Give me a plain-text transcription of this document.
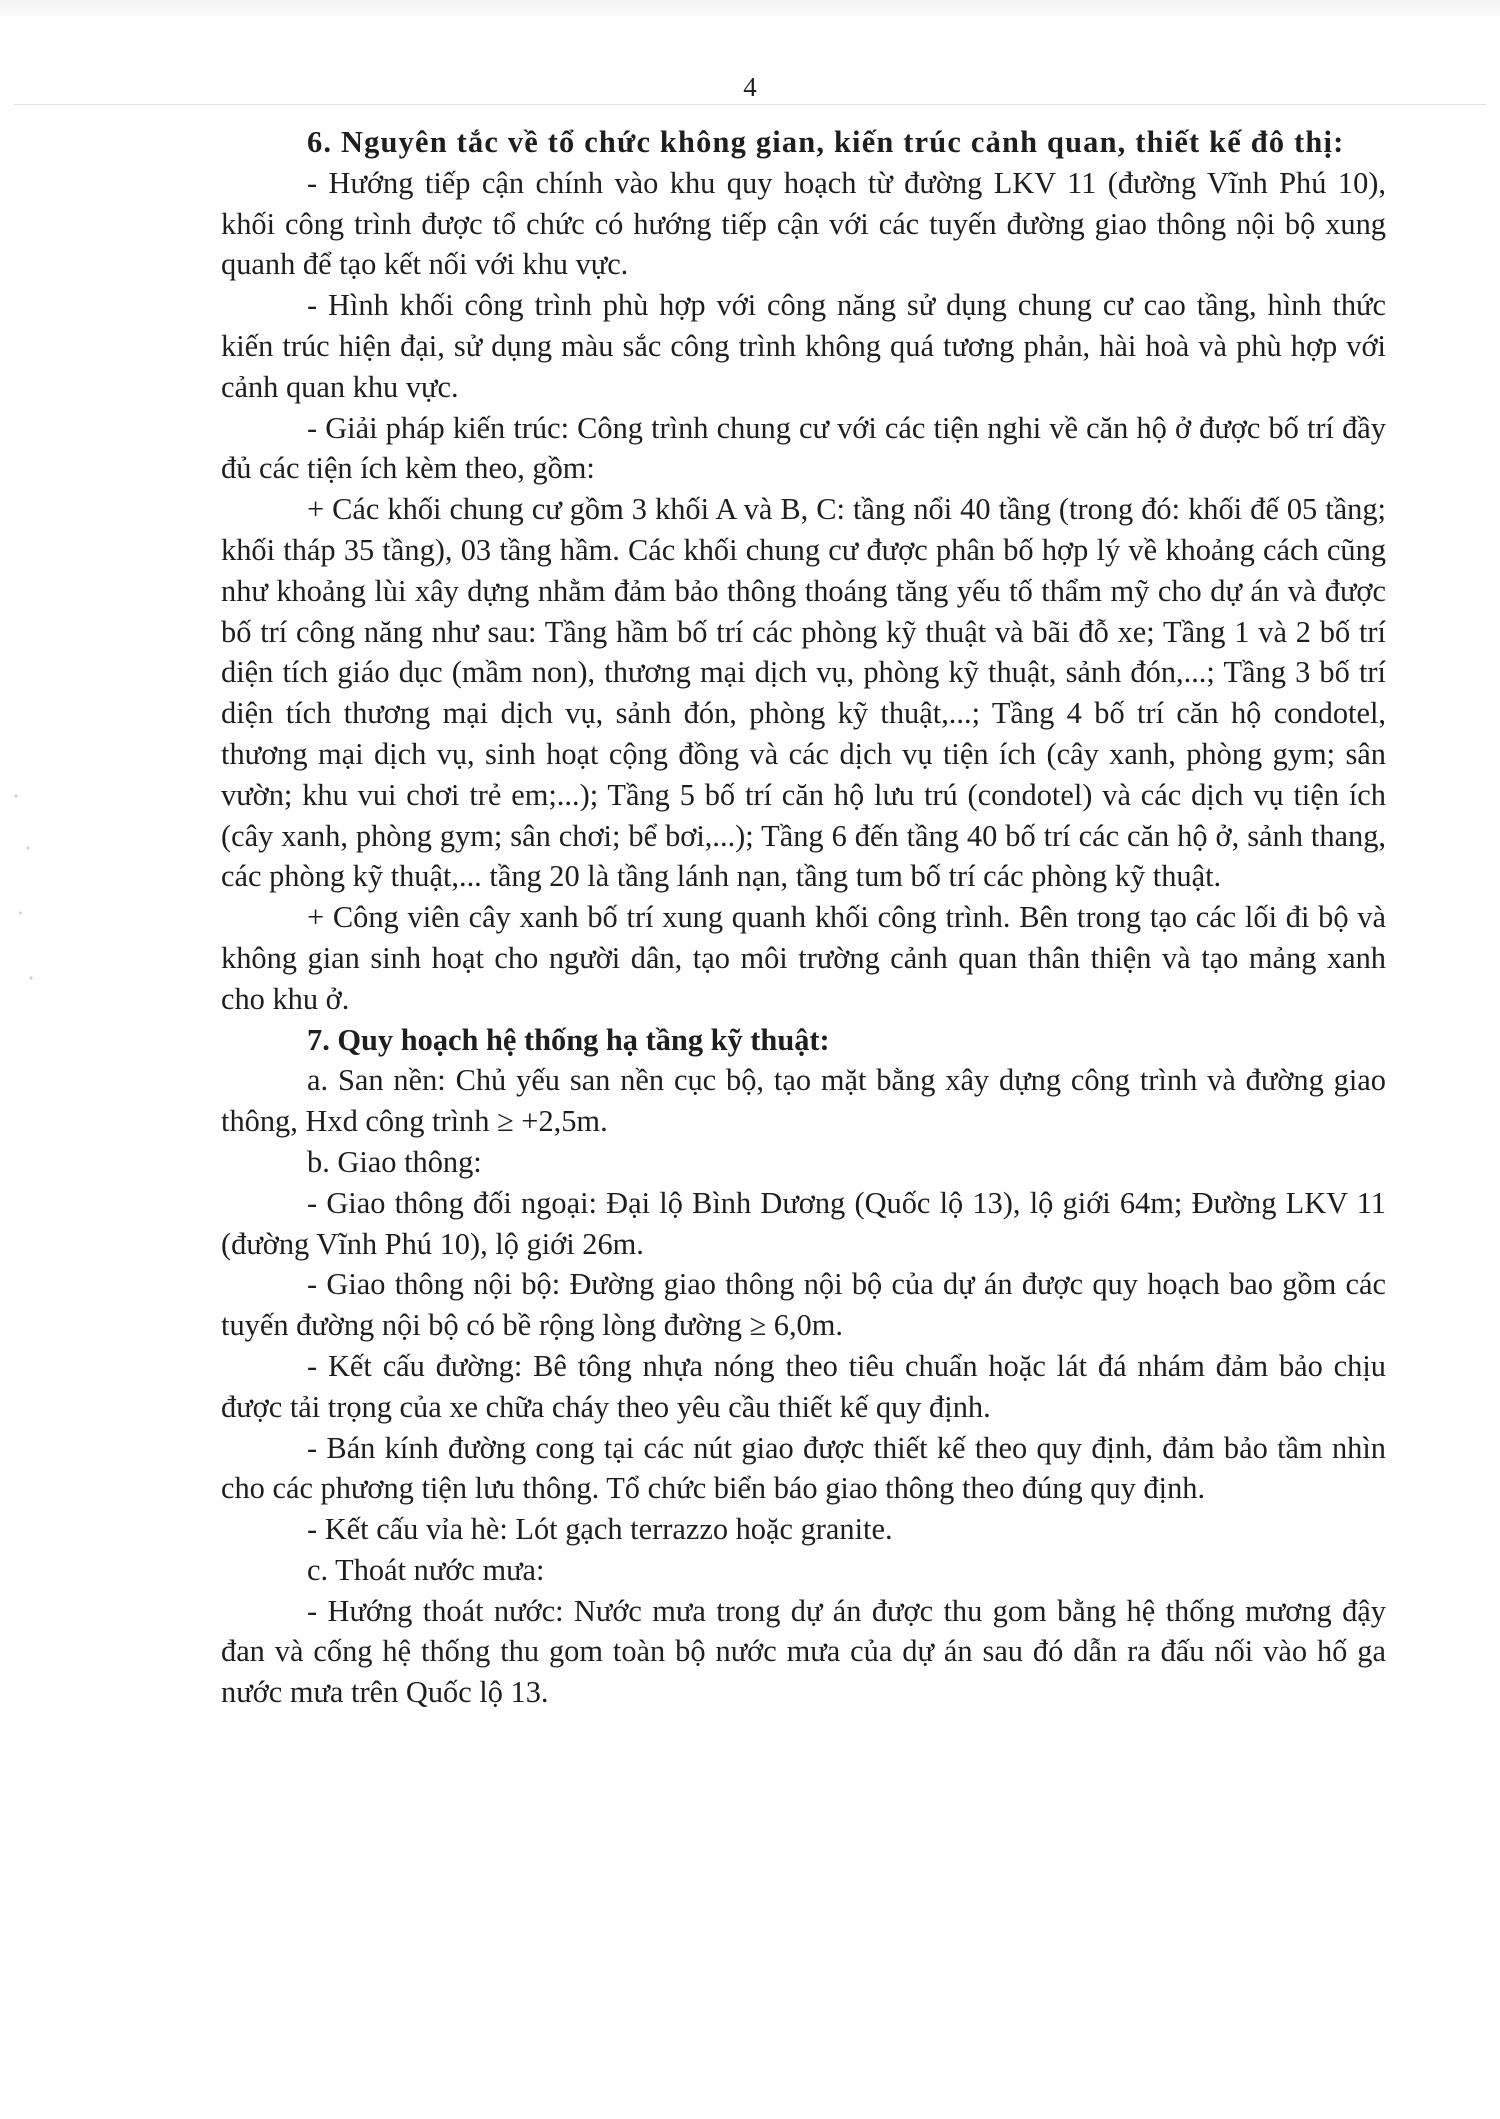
4
6. Nguyên tắc về tổ chức không gian, kiến trúc cảnh quan, thiết kế đô thị:

- Hướng tiếp cận chính vào khu quy hoạch từ đường LKV 11 (đường Vĩnh Phú 10), khối công trình được tổ chức có hướng tiếp cận với các tuyến đường giao thông nội bộ xung quanh để tạo kết nối với khu vực.

- Hình khối công trình phù hợp với công năng sử dụng chung cư cao tầng, hình thức kiến trúc hiện đại, sử dụng màu sắc công trình không quá tương phản, hài hoà và phù hợp với cảnh quan khu vực.

- Giải pháp kiến trúc: Công trình chung cư với các tiện nghi về căn hộ ở được bố trí đầy đủ các tiện ích kèm theo, gồm:

+ Các khối chung cư gồm 3 khối A và B, C: tầng nổi 40 tầng (trong đó: khối đế 05 tầng; khối tháp 35 tầng), 03 tầng hầm. Các khối chung cư được phân bố hợp lý về khoảng cách cũng như khoảng lùi xây dựng nhằm đảm bảo thông thoáng tăng yếu tố thẩm mỹ cho dự án và được bố trí công năng như sau: Tầng hầm bố trí các phòng kỹ thuật và bãi đỗ xe; Tầng 1 và 2 bố trí diện tích giáo dục (mầm non), thương mại dịch vụ, phòng kỹ thuật, sảnh đón,...; Tầng 3 bố trí diện tích thương mại dịch vụ, sảnh đón, phòng kỹ thuật,...; Tầng 4 bố trí căn hộ condotel, thương mại dịch vụ, sinh hoạt cộng đồng và các dịch vụ tiện ích (cây xanh, phòng gym; sân vườn; khu vui chơi trẻ em;...); Tầng 5 bố trí căn hộ lưu trú (condotel) và các dịch vụ tiện ích (cây xanh, phòng gym; sân chơi; bể bơi,...); Tầng 6 đến tầng 40 bố trí các căn hộ ở, sảnh thang, các phòng kỹ thuật,... tầng 20 là tầng lánh nạn, tầng tum bố trí các phòng kỹ thuật.

+ Công viên cây xanh bố trí xung quanh khối công trình. Bên trong tạo các lối đi bộ và không gian sinh hoạt cho người dân, tạo môi trường cảnh quan thân thiện và tạo mảng xanh cho khu ở.

7. Quy hoạch hệ thống hạ tầng kỹ thuật:

a. San nền: Chủ yếu san nền cục bộ, tạo mặt bằng xây dựng công trình và đường giao thông, Hxd công trình ≥ +2,5m.

b. Giao thông:

- Giao thông đối ngoại: Đại lộ Bình Dương (Quốc lộ 13), lộ giới 64m; Đường LKV 11 (đường Vĩnh Phú 10), lộ giới 26m.

- Giao thông nội bộ: Đường giao thông nội bộ của dự án được quy hoạch bao gồm các tuyến đường nội bộ có bề rộng lòng đường ≥ 6,0m.

- Kết cấu đường: Bê tông nhựa nóng theo tiêu chuẩn hoặc lát đá nhám đảm bảo chịu được tải trọng của xe chữa cháy theo yêu cầu thiết kế quy định.

- Bán kính đường cong tại các nút giao được thiết kế theo quy định, đảm bảo tầm nhìn cho các phương tiện lưu thông. Tổ chức biển báo giao thông theo đúng quy định.

- Kết cấu vỉa hè: Lót gạch terrazzo hoặc granite.

c. Thoát nước mưa:

- Hướng thoát nước: Nước mưa trong dự án được thu gom bằng hệ thống mương đậy đan và cống hệ thống thu gom toàn bộ nước mưa của dự án sau đó dẫn ra đấu nối vào hố ga nước mưa trên Quốc lộ 13.
